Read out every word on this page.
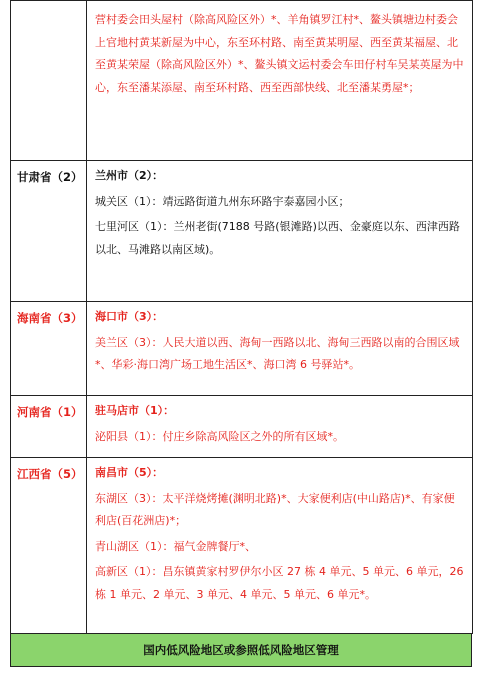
	营村委会田头屋村（除高风险区外）*、羊角镇罗江村*、鳌头镇塘边村委会上官地村黄某新屋为中心，东至环村路、南至黄某明屋、西至黄某福屋、北至黄某荣屋（除高风险区外）*、鳌头镇文运村委会车田仔村车吴某英屋为中心，东至潘某添屋、南至环村路、西至西部快线、北至潘某勇屋*；

甘肃省（2）	兰州市（2）：
城关区（1）：靖远路街道九州东环路宇泰嘉园小区；
七里河区（1）：兰州老街(7188 号路(银滩路)以西、金豪庭以东、西津西路以北、马滩路以南区域)。

海南省（3）	海口市（3）：
美兰区（3）：人民大道以西、海甸一西路以北、海甸三西路以南的合围区域*、华彩·海口湾广场工地生活区*、海口湾 6 号驿站*。

河南省（1）	驻马店市（1）：
泌阳县（1）：付庄乡除高风险区之外的所有区域*。

江西省（5）	南昌市（5）：
东湖区（3）：太平洋烧烤摊(渊明北路)*、大家便利店(中山路店)*、有家便利店(百花洲店)*；
青山湖区（1）：福气金牌餐厅*、
高新区（1）：昌东镇黄家村罗伊尔小区 27 栋 4 单元、5 单元、6 单元，26 栋 1 单元、2 单元、3 单元、4 单元、5 单元、6 单元*。
国内低风险地区或参照低风险地区管理
